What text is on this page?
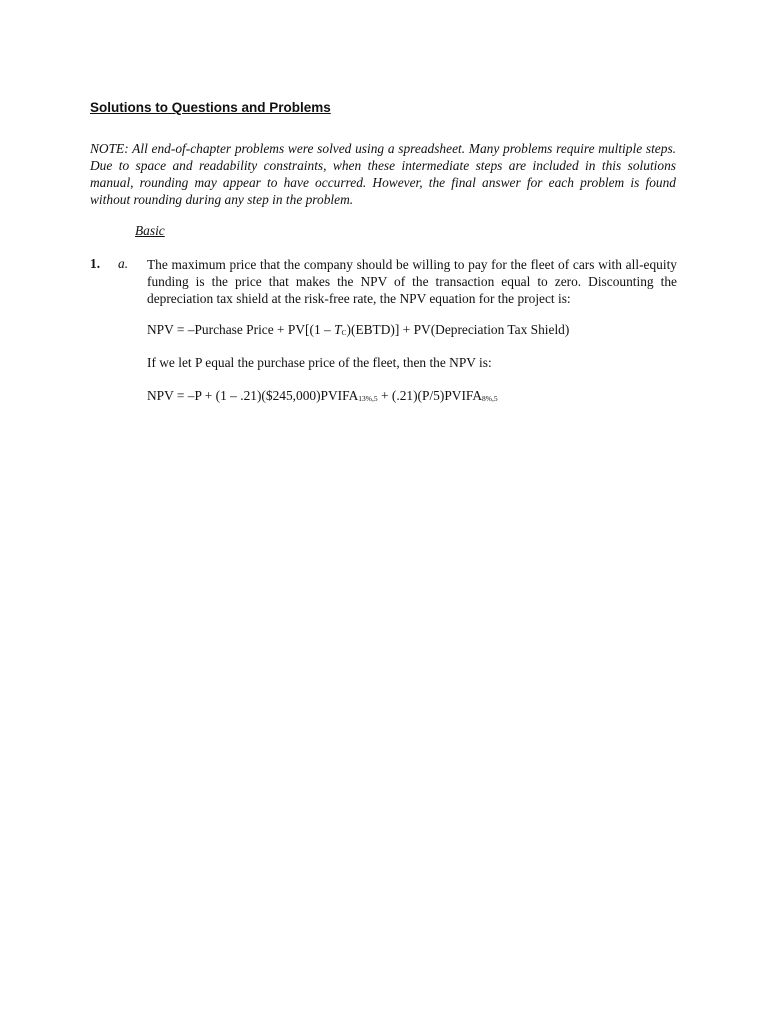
Solutions to Questions and Problems
NOTE: All end-of-chapter problems were solved using a spreadsheet. Many problems require multiple steps. Due to space and readability constraints, when these intermediate steps are included in this solutions manual, rounding may appear to have occurred. However, the final answer for each problem is found without rounding during any step in the problem.
Basic
1. a. The maximum price that the company should be willing to pay for the fleet of cars with all-equity funding is the price that makes the NPV of the transaction equal to zero. Discounting the depreciation tax shield at the risk-free rate, the NPV equation for the project is:
NPV = –Purchase Price + PV[(1 – TC)(EBTD)] + PV(Depreciation Tax Shield)
If we let P equal the purchase price of the fleet, then the NPV is:
NPV = –P + (1 – .21)($245,000)PVIFA13%,5 + (.21)(P/5)PVIFA8%,5
